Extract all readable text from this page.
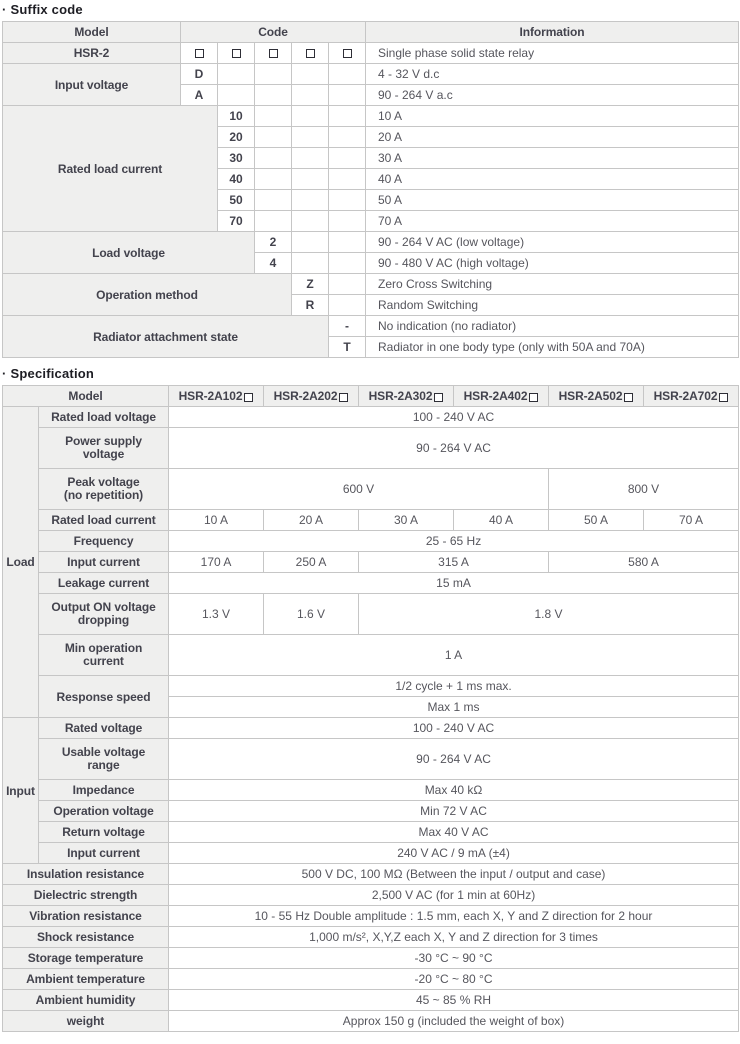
· Suffix code
Model	Code					Information
HSR-2						Single phase solid state relay
Input voltage	D					4 - 32 V d.c
	A					90 - 264 V a.c
Rated load current		10				10 A
		20				20 A
		30				30 A
		40				40 A
		50				50 A
		70				70 A
Load voltage			2			90 - 264 V AC (low voltage)
			4			90 - 480 V AC (high voltage)
Operation method				Z		Zero Cross Switching
				R		Random Switching
Radiator attachment state					-	No indication (no radiator)
					T	Radiator in one body type (only with 50A and 70A)
· Specification
Model		HSR-2A102	HSR-2A202	HSR-2A302	HSR-2A402	HSR-2A502	HSR-2A702
Load	Rated load voltage	100 - 240 V AC					

	Power supply
voltage	90 - 264 V AC					

	Peak voltage
(no repetition)	600 V				800 V	
	Rated load current	10 A	20 A	30 A	40 A	50 A	70 A
	Frequency	25 - 65 Hz					
	Input current	170 A	250 A	315 A		580 A	
	Leakage current	15 mA					

	Output ON voltage
dropping	1.3 V	1.6 V	1.8 V			

	Min operation
current	1 A					
	Response speed	1/2 cycle + 1 ms max.					
		Max 1 ms					
Input	Rated voltage	100 - 240 V AC					

	Usable voltage
range	90 - 264 V AC					
	Impedance	Max 40 kΩ					
	Operation voltage	Min 72 V AC					
	Return voltage	Max 40 V AC					
	Input current	240 V AC / 9 mA (±4)					
Insulation resistance		500 V DC, 100 MΩ (Between the input / output and case)					
Dielectric strength		2,500 V AC (for 1 min at 60Hz)					
Vibration resistance		10 - 55 Hz Double amplitude : 1.5 mm, each X, Y and Z direction for 2 hour					
Shock resistance		1,000 m/s², X,Y,Z each X, Y and Z direction for 3 times					
Storage temperature		-30 °C ~ 90 °C					
Ambient temperature		-20 °C ~ 80 °C					
Ambient humidity		45 ~ 85 % RH					
weight		Approx 150 g (included the weight of box)					
